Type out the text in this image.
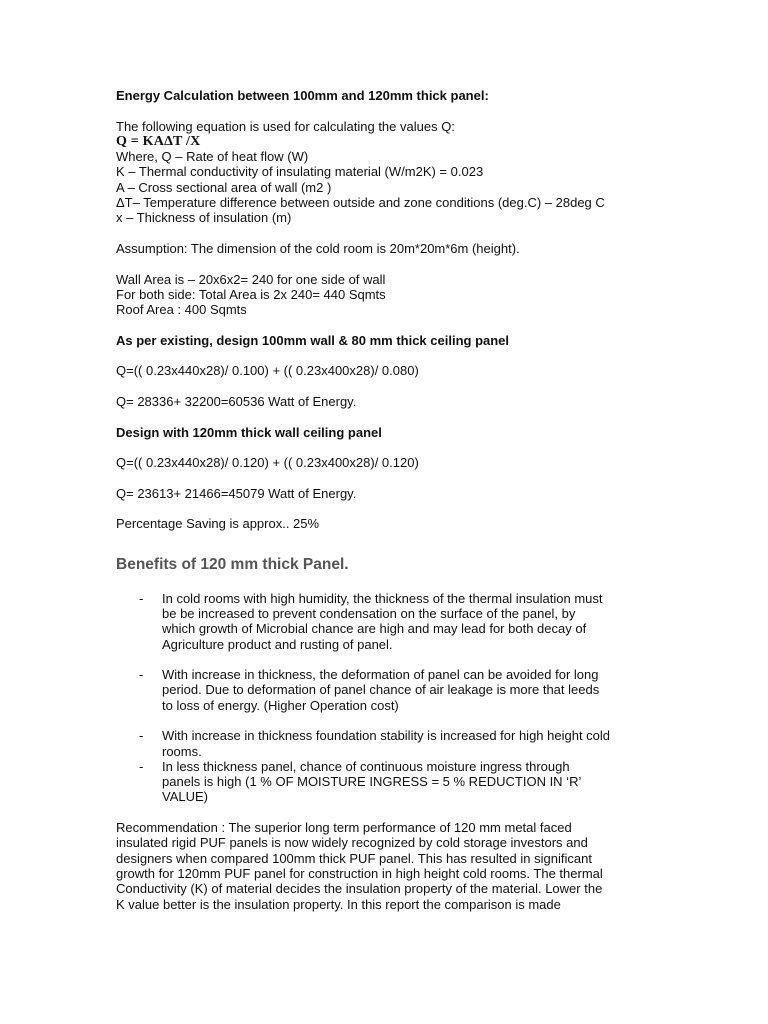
Energy Calculation between 100mm and 120mm thick panel:
The following equation is used for calculating the values Q:
Q = KAΔT /X
Where, Q – Rate of heat flow (W)
K – Thermal conductivity of insulating material (W/m2K) = 0.023
A – Cross sectional area of wall (m2 )
ΔT– Temperature difference between outside and zone conditions (deg.C) – 28deg C
x – Thickness of insulation (m)
Assumption: The dimension of the cold room is 20m*20m*6m (height).
Wall Area is – 20x6x2= 240 for one side of wall
For both side: Total Area is 2x 240= 440 Sqmts
Roof Area : 400 Sqmts
As per existing, design 100mm wall & 80 mm thick ceiling panel
Q=(( 0.23x440x28)/ 0.100) + (( 0.23x400x28)/ 0.080)
Q= 28336+ 32200=60536 Watt of Energy.
Design with 120mm thick wall ceiling panel
Q=(( 0.23x440x28)/ 0.120) + (( 0.23x400x28)/ 0.120)
Q= 23613+ 21466=45079 Watt of Energy.
Percentage Saving is approx.. 25%
Benefits of 120 mm thick Panel.
- In cold rooms with high humidity, the thickness of the thermal insulation must
be be increased to prevent condensation on the surface of the panel, by
which growth of Microbial chance are high and may lead for both decay of
Agriculture product and rusting of panel.
- With increase in thickness, the deformation of panel can be avoided for long
period. Due to deformation of panel chance of air leakage is more that leeds
to loss of energy. (Higher Operation cost)
- With increase in thickness foundation stability is increased for high height cold
rooms.
- In less thickness panel, chance of continuous moisture ingress through
panels is high (1 % OF MOISTURE INGRESS = 5 % REDUCTION IN ‘R’
VALUE)
Recommendation : The superior long term performance of 120 mm metal faced
insulated rigid PUF panels is now widely recognized by cold storage investors and
designers when compared 100mm thick PUF panel. This has resulted in significant
growth for 120mm PUF panel for construction in high height cold rooms. The thermal
Conductivity (K) of material decides the insulation property of the material. Lower the
K value better is the insulation property. In this report the comparison is made
